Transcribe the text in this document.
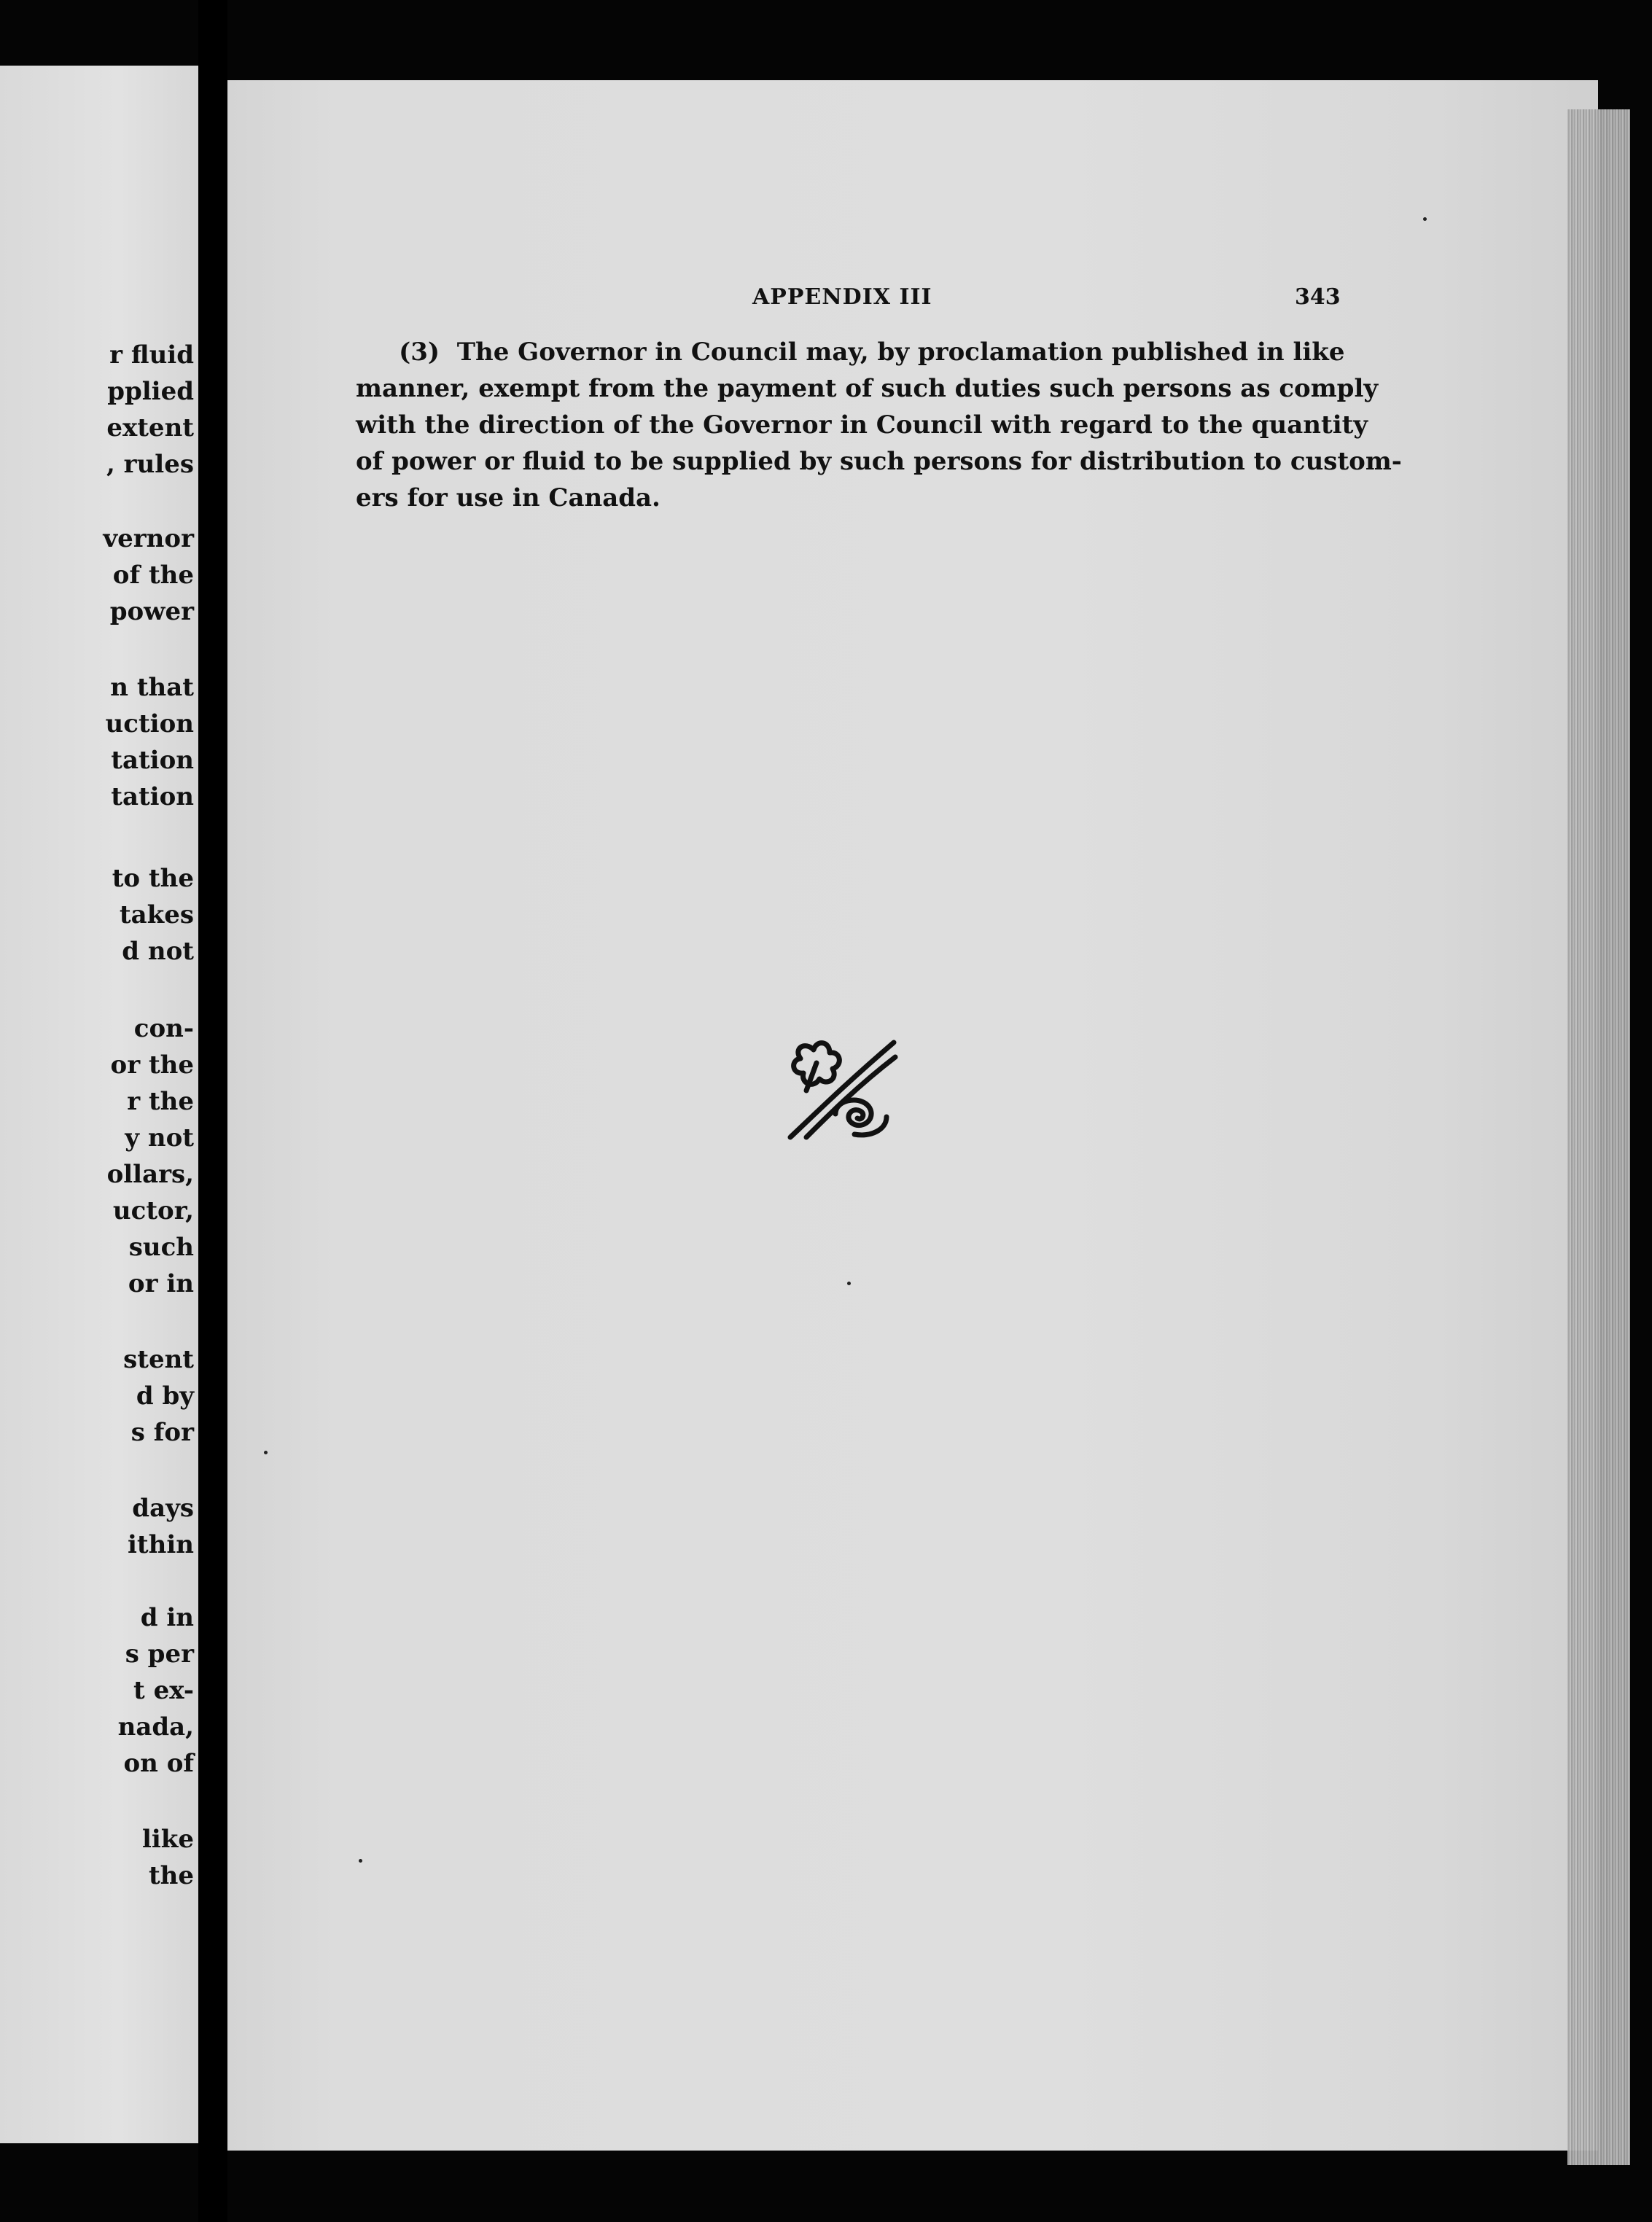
r fluid
pplied
extent
, rules
vernor
of the
power
n that
uction
tation
tation
to the
takes
d not
con-
or the
r the
y not
ollars,
uctor,
such
or in
stent
d by
s for
days
ithin
d in
s per
t ex-
nada,
on of
like
the
APPENDIX III	343
(3)  The Governor in Council may, by proclamation published in like
manner, exempt from the payment of such duties such persons as comply
with the direction of the Governor in Council with regard to the quantity
of power or fluid to be supplied by such persons for distribution to custom-
ers for use in Canada.
